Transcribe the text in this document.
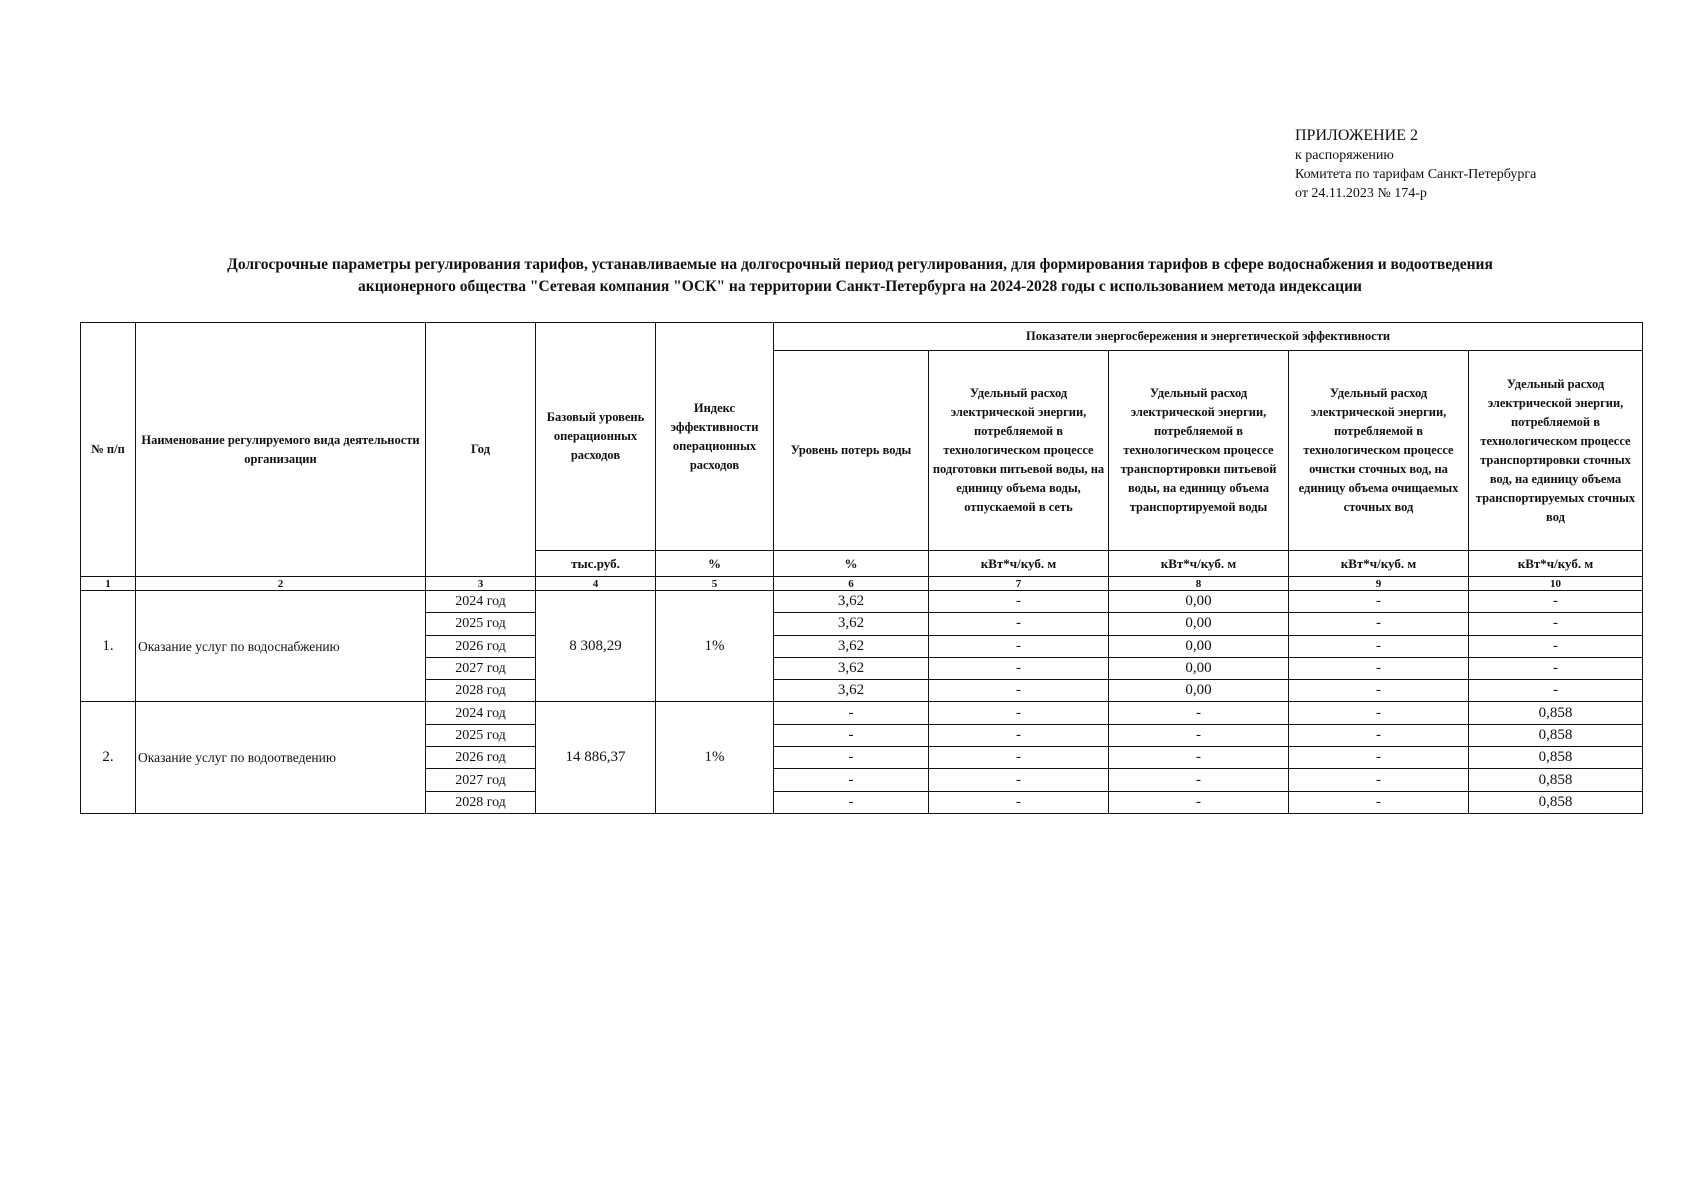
ПРИЛОЖЕНИЕ 2
к распоряжению
Комитета по тарифам Санкт-Петербурга
от 24.11.2023 № 174-р
Долгосрочные параметры регулирования тарифов, устанавливаемые на долгосрочный период регулирования, для формирования тарифов в сфере водоснабжения и водоотведения
акционерного общества "Сетевая компания "ОСК" на территории Санкт-Петербурга на 2024-2028 годы с использованием метода индексации
№ п/п	Наименование регулируемого вида деятельности организации	Год	Базовый уровень операционных расходов	Индекс эффективности операционных расходов	Показатели энергосбережения и энергетической эффективности				
					Уровень потерь воды	Удельный расход электрической энергии, потребляемой в технологическом процессе подготовки питьевой воды, на единицу объема воды, отпускаемой в сеть	Удельный расход электрической энергии, потребляемой в технологическом процессе транспортировки питьевой воды, на единицу объема транспортируемой воды	Удельный расход электрической энергии, потребляемой в технологическом процессе очистки сточных вод, на единицу объема очищаемых сточных вод	Удельный расход электрической энергии, потребляемой в технологическом процессе транспортировки сточных вод, на единицу объема транспортируемых сточных вод
			тыс.руб.	%	%	кВт*ч/куб. м	кВт*ч/куб. м	кВт*ч/куб. м	кВт*ч/куб. м
1	2	3	4	5	6	7	8	9	10
1.	Оказание услуг по водоснабжению	2024 год	8 308,29	1%	3,62	-	0,00	-	-
		2025 год			3,62	-	0,00	-	-
		2026 год			3,62	-	0,00	-	-
		2027 год			3,62	-	0,00	-	-
		2028 год			3,62	-	0,00	-	-
2.	Оказание услуг по водоотведению	2024 год	14 886,37	1%	-	-	-	-	0,858
		2025 год			-	-	-	-	0,858
		2026 год			-	-	-	-	0,858
		2027 год			-	-	-	-	0,858
		2028 год			-	-	-	-	0,858
